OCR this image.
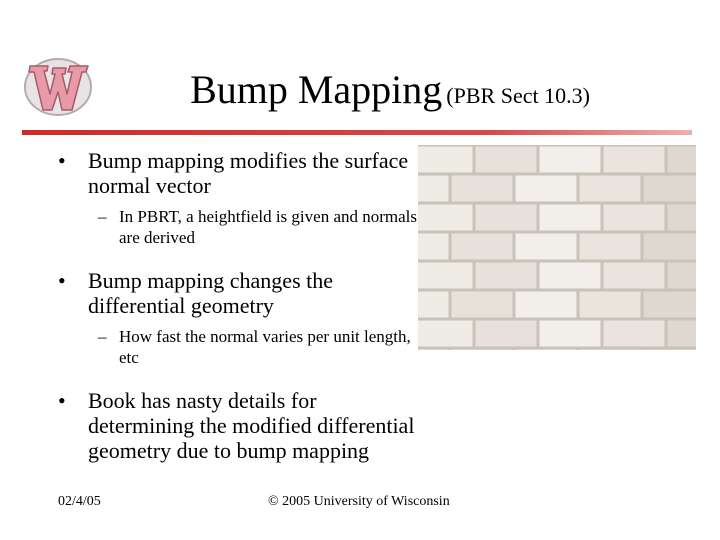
Bump Mapping (PBR Sect 10.3)
• Bump mapping modifies the surface normal vector
– In PBRT, a heightfield is given and normals are derived
• Bump mapping changes the differential geometry
– How fast the normal varies per unit length, etc
• Book has nasty details for determining the modified differential geometry due to bump mapping
02/4/05	© 2005 University of Wisconsin
